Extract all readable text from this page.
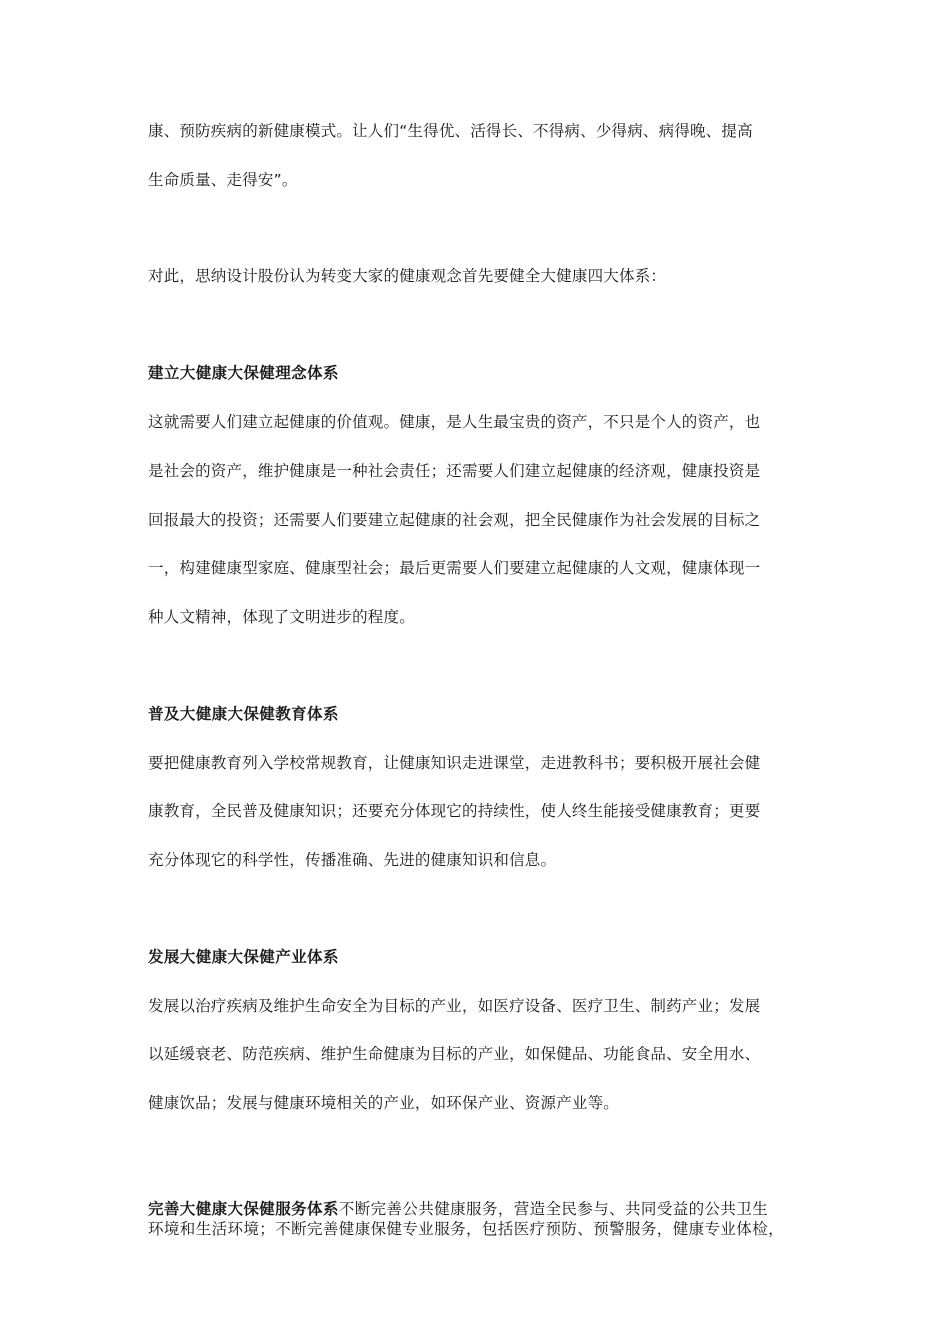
康、预防疾病的新健康模式。让人们“生得优、活得长、不得病、少得病、病得晚、提高
生命质量、走得安”。
对此，思纳设计股份认为转变大家的健康观念首先要健全大健康四大体系：
建立大健康大保健理念体系
这就需要人们建立起健康的价值观。健康，是人生最宝贵的资产，不只是个人的资产，也
是社会的资产，维护健康是一种社会责任；还需要人们建立起健康的经济观，健康投资是
回报最大的投资；还需要人们要建立起健康的社会观，把全民健康作为社会发展的目标之
一，构建健康型家庭、健康型社会；最后更需要人们要建立起健康的人文观，健康体现一
种人文精神，体现了文明进步的程度。
普及大健康大保健教育体系
要把健康教育列入学校常规教育，让健康知识走进课堂，走进教科书；要积极开展社会健
康教育，全民普及健康知识；还要充分体现它的持续性，使人终生能接受健康教育；更要
充分体现它的科学性，传播准确、先进的健康知识和信息。
发展大健康大保健产业体系
发展以治疗疾病及维护生命安全为目标的产业，如医疗设备、医疗卫生、制药产业；发展
以延缓衰老、防范疾病、维护生命健康为目标的产业，如保健品、功能食品、安全用水、
健康饮品；发展与健康环境相关的产业，如环保产业、资源产业等。
完善大健康大保健服务体系不断完善公共健康服务，营造全民参与、共同受益的公共卫生
环境和生活环境；不断完善健康保健专业服务，包括医疗预防、预警服务，健康专业体检，
